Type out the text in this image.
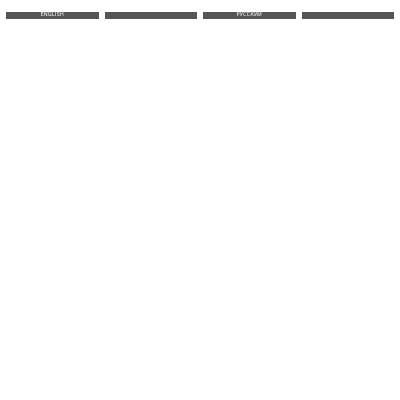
ENGLISH	РУССКИЙ
